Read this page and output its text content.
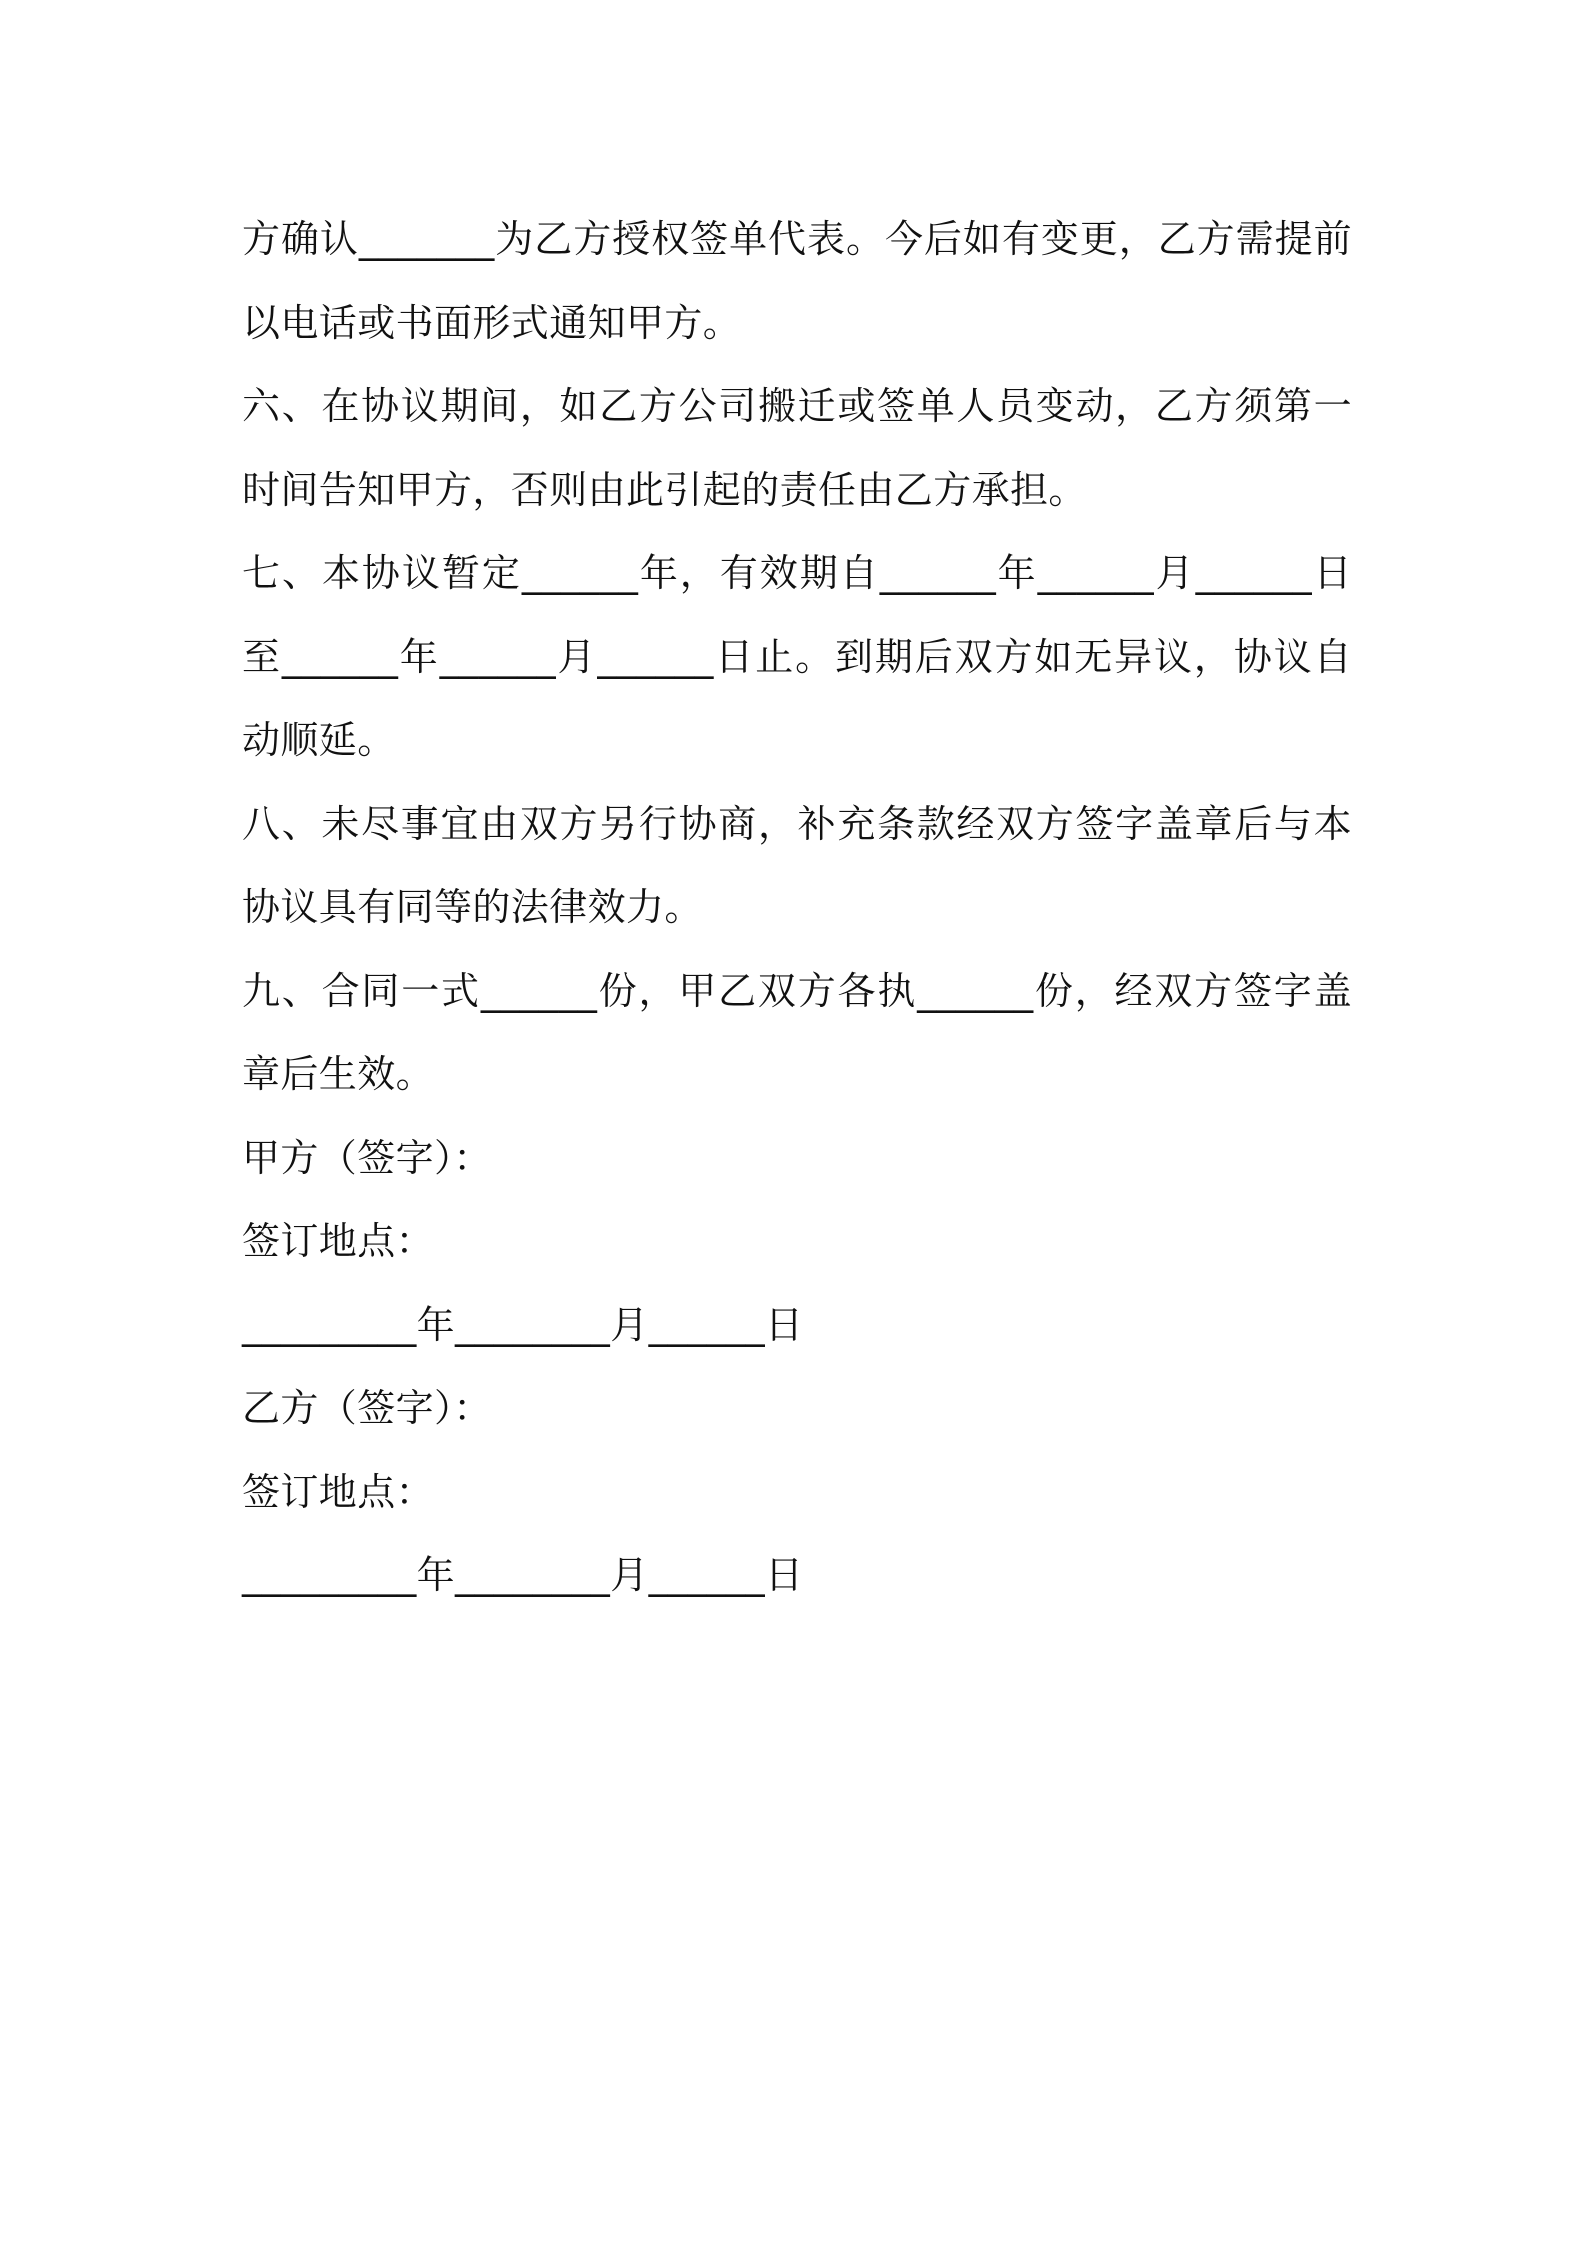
方确认_______为乙方授权签单代表。今后如有变更，乙方需提前以电话或书面形式通知甲方。

六、在协议期间，如乙方公司搬迁或签单人员变动，乙方须第一时间告知甲方，否则由此引起的责任由乙方承担。

七、本协议暂定______年，有效期自______年______月______日至______年______月______日止。到期后双方如无异议，协议自动顺延。

八、未尽事宜由双方另行协商，补充条款经双方签字盖章后与本协议具有同等的法律效力。

九、合同一式______份，甲乙双方各执______份，经双方签字盖章后生效。

甲方（签字）：

签订地点：

_________年________月______日

乙方（签字）：

签订地点：

_________年________月______日
